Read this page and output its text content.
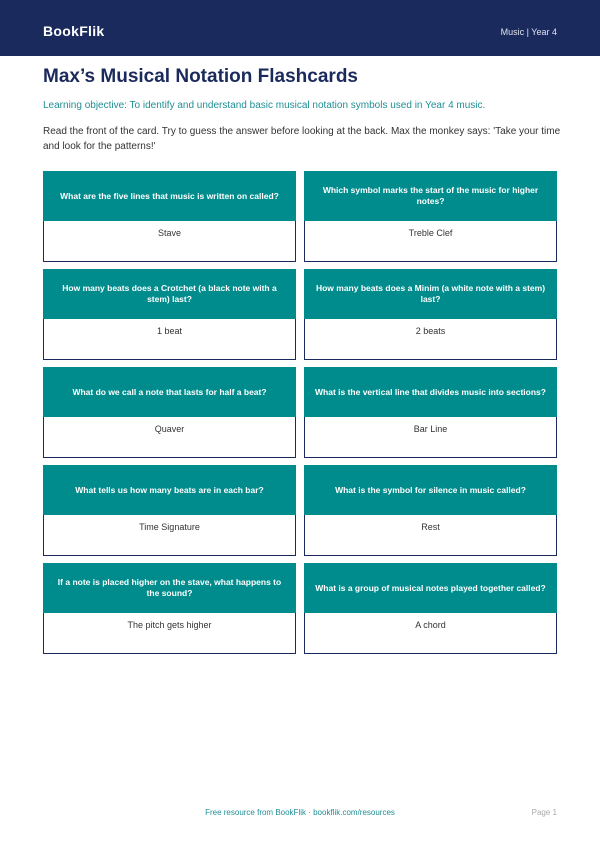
BookFlik	Music | Year 4
Max’s Musical Notation Flashcards

Learning objective: To identify and understand basic musical notation symbols used in Year 4 music.

Read the front of the card. Try to guess the answer before looking at the back. Max the monkey says: 'Take your time and look for the patterns!'

What are the five lines that music is written on called?
Stave
Which symbol marks the start of the music for higher notes?
Treble Clef
How many beats does a Crotchet (a black note with a stem) last?
1 beat
How many beats does a Minim (a white note with a stem) last?
2 beats
What do we call a note that lasts for half a beat?
Quaver
What is the vertical line that divides music into sections?
Bar Line
What tells us how many beats are in each bar?
Time Signature
What is the symbol for silence in music called?
Rest
If a note is placed higher on the stave, what happens to the sound?
The pitch gets higher
What is a group of musical notes played together called?
A chord
Free resource from BookFlik · bookflik.com/resources	Page 1
